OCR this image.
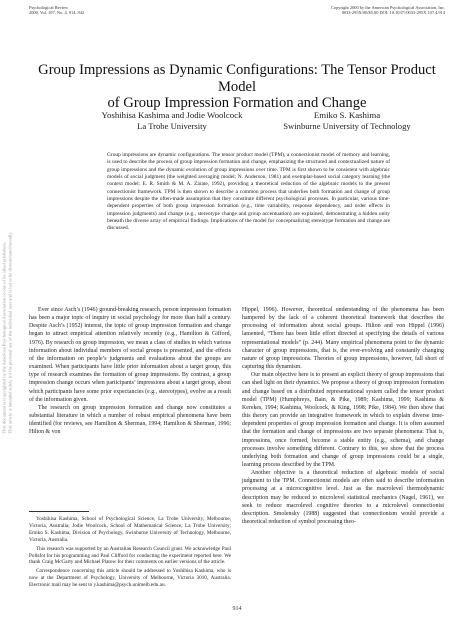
Psychological Review
2000, Vol. 107, No. 4, 914–942
Copyright 2000 by the American Psychological Association, Inc.
0033-295X/00/$5.00 DOI: 10.1037//0033-295X.107.4.914
This document is copyrighted by the American Psychological Association or one of its allied publishers. This article is intended solely for the personal use of the individual user and is not to be disseminated broadly.
Group Impressions as Dynamic Configurations: The Tensor Product Model
of Group Impression Formation and Change
Yoshihisa Kashima and Jodie Woolcock
La Trobe University
Emiko S. Kashima
Swinburne University of Technology
Group impressions are dynamic configurations. The tensor product model (TPM), a connectionist model of memory and learning, is used to describe the process of group impression formation and change, emphasizing the structured and contextualized nature of group impressions and the dynamic evolution of group impressions over time. TPM is first shown to be consistent with algebraic models of social judgment (the weighted averaging model; N. Anderson, 1981) and exemplar-based social category learning (the context model; E. R. Smith & M. A. Zárate, 1992), providing a theoretical reduction of the algebraic models to the present connectionist framework. TPM is then shown to describe a common process that underlies both formation and change of group impressions despite the often-made assumption that they constitute different psychological processes. In particular, various time-dependent properties of both group impression formation (e.g., time variability, response dependency, and order effects in impression judgments) and change (e.g., stereotype change and group accentuation) are explained, demonstrating a hidden unity beneath the diverse array of empirical findings. Implications of the model for conceptualizing stereotype formation and change are discussed.

Ever since Asch’s (1946) ground-breaking research, person impression formation has been a major topic of inquiry in social psychology for more than half a century. Despite Asch’s (1952) interest, the topic of group impression formation and change began to attract empirical attention relatively recently (e.g., Hamilton & Gifford, 1976). By research on group impression, we mean a class of studies in which various information about individual members of social groups is presented, and the effects of the information on people’s judgments and evaluations about the groups are examined. When participants have little prior information about a target group, this type of research examines the formation of group impressions. By contrast, a group impression change occurs when participants’ impressions about a target group, about which participants have some prior expectancies (e.g., stereotypes), evolve as a result of the information given.

The research on group impression formation and change now constitutes a substantial literature in which a number of robust empirical phenomena have been identified (for reviews, see Hamilton & Sherman, 1994; Hamilton & Sherman, 1996; Hilton & von

Yoshihisa Kashima, School of Psychological Science, La Trobe University, Melbourne, Victoria, Australia; Jodie Woolcock, School of Mathematical Science, La Trobe University; Emiko S. Kashima, Division of Psychology, Swinburne University of Technology, Melbourne, Victoria, Australia.

This research was supported by an Australian Research Council grant. We acknowledge Paul Pollsfot for his programming and Paul Clifford for conducting the experiment reported here. We thank Craig McGarty and Michael Platow for their comments on earlier versions of the article.

Correspondence concerning this article should be addressed to Yoshihisa Kashima, who is now at the Department of Psychology, University of Melbourne, Victoria 3010, Australia. Electronic mail may be sent to y.kashima@psych.unimelb.edu.au.

Hippel, 1996). However, theoretical understanding of the phenomena has been hampered by the lack of a coherent theoretical framework that describes the processing of information about social groups. Hilton and von Hippel (1996) lamented, “There has been little effort directed at specifying the details of various representational models” (p. 244). Many empirical phenomena point to the dynamic character of group impressions, that is, the ever-evolving and constantly changing nature of group impressions. Theories of group impressions, however, fall short of capturing this dynamism.

Our main objective here is to present an explicit theory of group impressions that can shed light on their dynamics. We propose a theory of group impression formation and change based on a distributed representational system called the tensor product model (TPM) (Humphreys, Bain, & Pike, 1989; Kashima, 1999; Kashima & Kerekes, 1994; Kashima, Woolcock, & King, 1998; Pike, 1984). We then show that this theory can provide an integrative framework in which to explain diverse time-dependent properties of group impression formation and change. It is often assumed that the formation and change of impressions are two separate phenomena: That is, impressions, once formed, become a stable entity (e.g., schema), and change processes involve something different. Contrary to this, we show that the process underlying both formation and change of group impressions could be a single, learning process described by the TPM.

Another objective is a theoretical reduction of algebraic models of social judgment to the TPM. Connectionist models are often said to describe information processing at a microcognitive level. Just as the macrolevel thermodynamic description may be reduced to microlevel statistical mechanics (Nagel, 1961), we seek to reduce macrolevel cognitive theories to a microlevel connectionist description. Smolensky (1988) suggested that connectionism would provide a theoretical reduction of symbol processing theo-

914
